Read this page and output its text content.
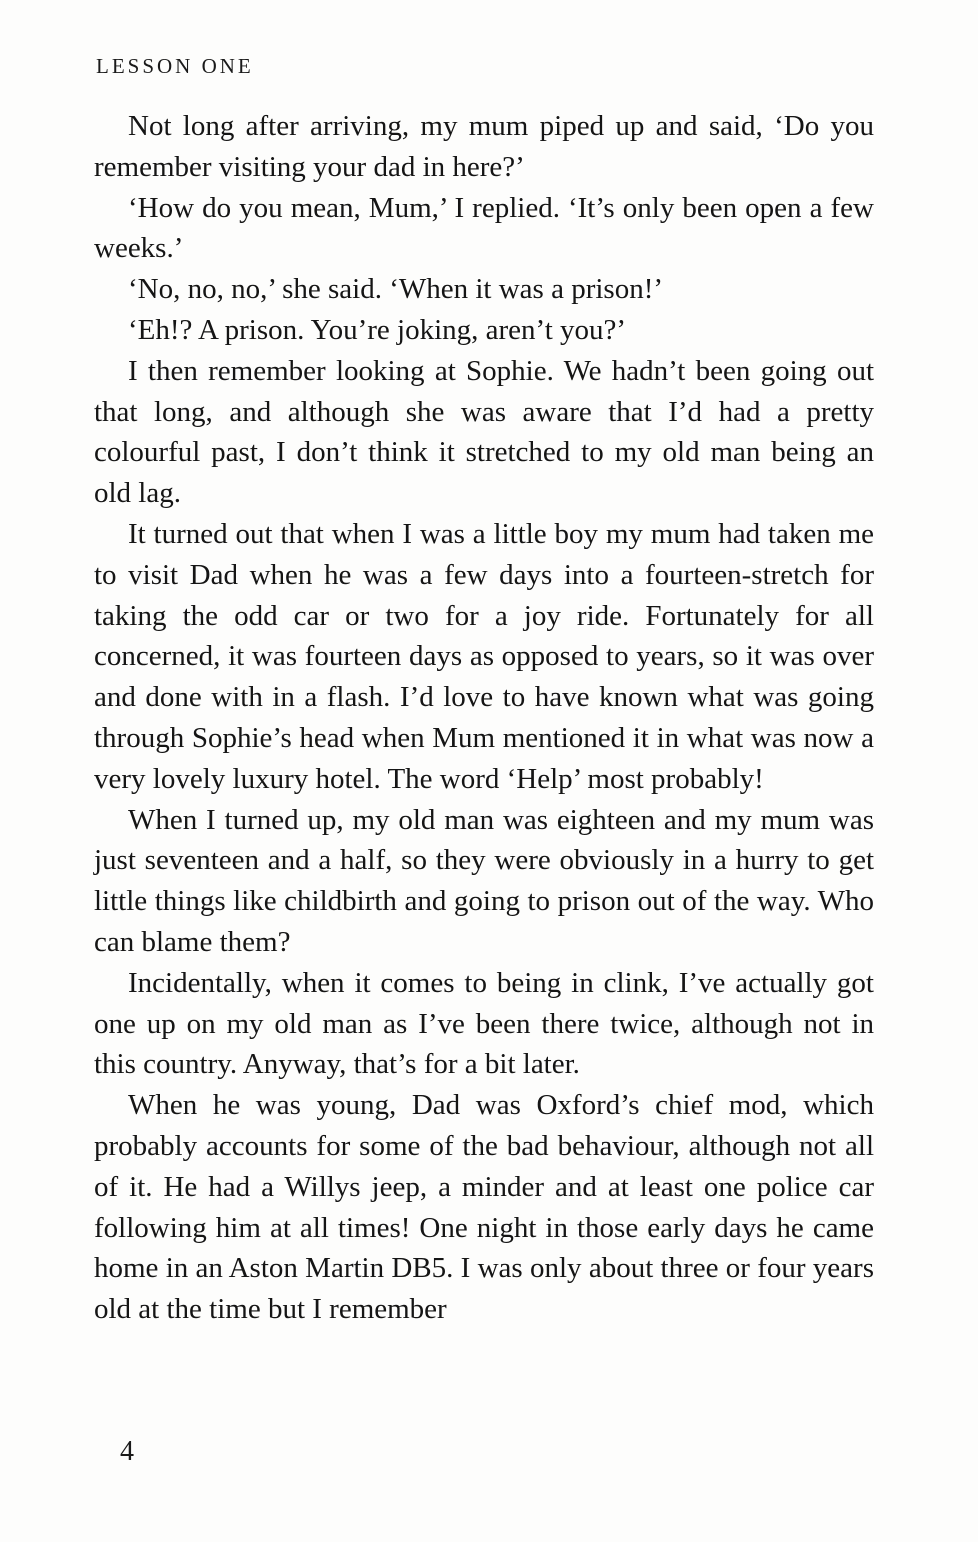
LESSON ONE

Not long after arriving, my mum piped up and said, ‘Do you remember visiting your dad in here?’

‘How do you mean, Mum,’ I replied. ‘It’s only been open a few weeks.’

‘No, no, no,’ she said. ‘When it was a prison!’

‘Eh!? A prison. You’re joking, aren’t you?’

I then remember looking at Sophie. We hadn’t been going out that long, and although she was aware that I’d had a pretty colourful past, I don’t think it stretched to my old man being an old lag.

It turned out that when I was a little boy my mum had taken me to visit Dad when he was a few days into a fourteen-stretch for taking the odd car or two for a joy ride. Fortunately for all concerned, it was fourteen days as opposed to years, so it was over and done with in a flash. I’d love to have known what was going through Sophie’s head when Mum mentioned it in what was now a very lovely luxury hotel. The word ‘Help’ most probably!

When I turned up, my old man was eighteen and my mum was just seventeen and a half, so they were obviously in a hurry to get little things like childbirth and going to prison out of the way. Who can blame them?

Incidentally, when it comes to being in clink, I’ve actually got one up on my old man as I’ve been there twice, although not in this country. Anyway, that’s for a bit later.

When he was young, Dad was Oxford’s chief mod, which probably accounts for some of the bad behaviour, although not all of it. He had a Willys jeep, a minder and at least one police car following him at all times! One night in those early days he came home in an Aston Martin DB5. I was only about three or four years old at the time but I remember

4
